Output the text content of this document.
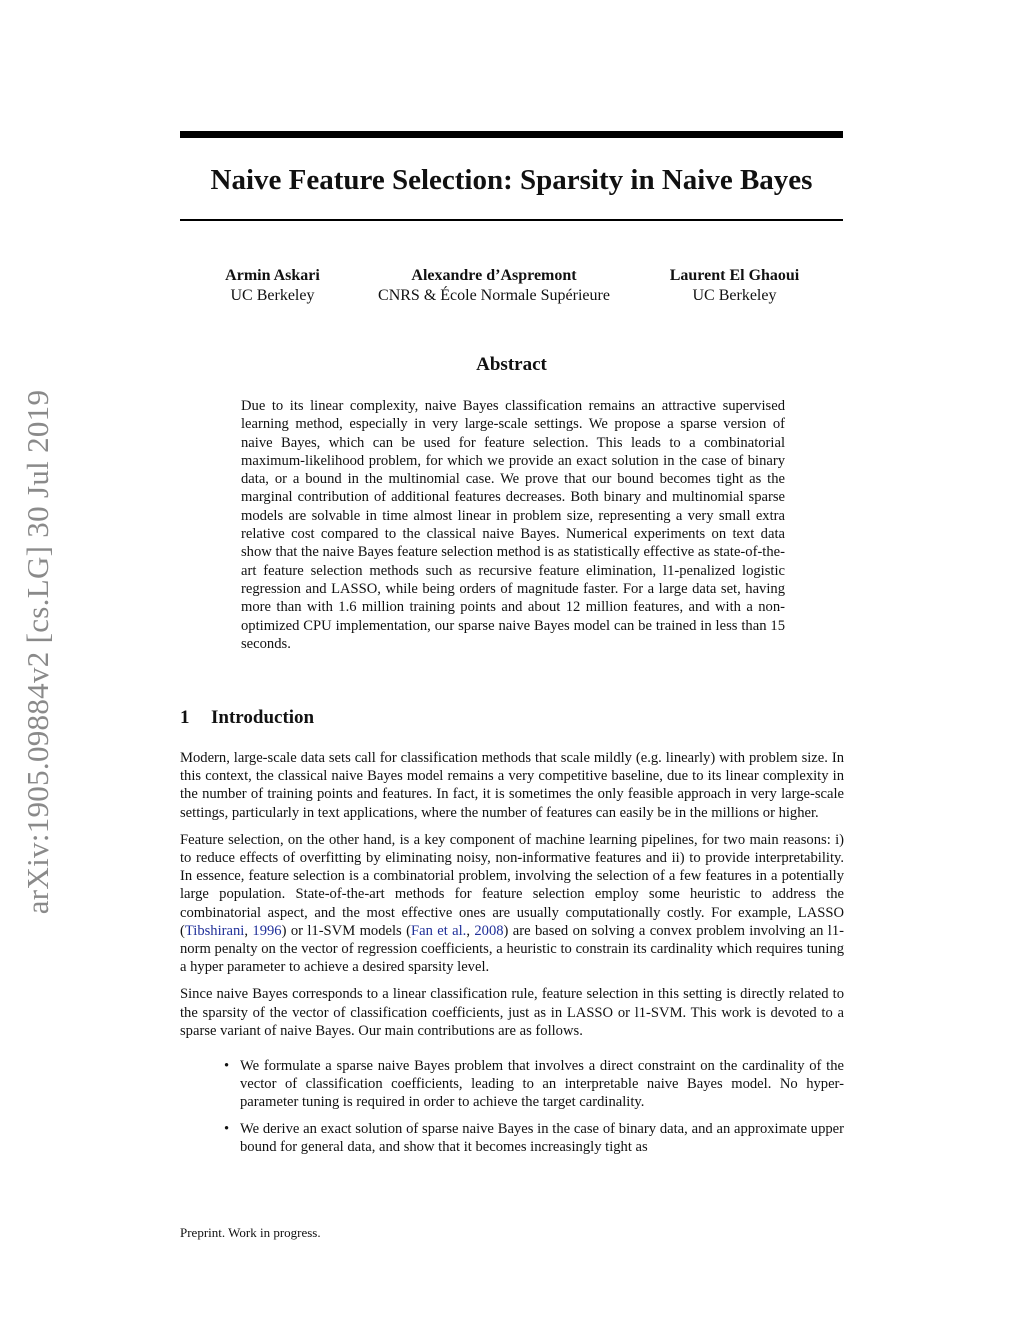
arXiv:1905.09884v2 [cs.LG] 30 Jul 2019
Naive Feature Selection: Sparsity in Naive Bayes
Armin Askari
UC Berkeley
Alexandre d’Aspremont
CNRS & École Normale Supérieure
Laurent El Ghaoui
UC Berkeley
Abstract

Due to its linear complexity, naive Bayes classification remains an attractive supervised learning method, especially in very large-scale settings. We propose a sparse version of naive Bayes, which can be used for feature selection. This leads to a combinatorial maximum-likelihood problem, for which we provide an exact solution in the case of binary data, or a bound in the multinomial case. We prove that our bound becomes tight as the marginal contribution of additional features decreases. Both binary and multinomial sparse models are solvable in time almost linear in problem size, representing a very small extra relative cost compared to the classical naive Bayes. Numerical experiments on text data show that the naive Bayes feature selection method is as statistically effective as state-of-the-art feature selection methods such as recursive feature elimination, l1-penalized logistic regression and LASSO, while being orders of magnitude faster. For a large data set, having more than with 1.6 million training points and about 12 million features, and with a non-optimized CPU implementation, our sparse naive Bayes model can be trained in less than 15 seconds.

1 Introduction

Modern, large-scale data sets call for classification methods that scale mildly (e.g. linearly) with problem size. In this context, the classical naive Bayes model remains a very competitive baseline, due to its linear complexity in the number of training points and features. In fact, it is sometimes the only feasible approach in very large-scale settings, particularly in text applications, where the number of features can easily be in the millions or higher.

Feature selection, on the other hand, is a key component of machine learning pipelines, for two main reasons: i) to reduce effects of overfitting by eliminating noisy, non-informative features and ii) to provide interpretability. In essence, feature selection is a combinatorial problem, involving the selection of a few features in a potentially large population. State-of-the-art methods for feature selection employ some heuristic to address the combinatorial aspect, and the most effective ones are usually computationally costly. For example, LASSO (Tibshirani, 1996) or l1-SVM models (Fan et al., 2008) are based on solving a convex problem involving an l1-norm penalty on the vector of regression coefficients, a heuristic to constrain its cardinality which requires tuning a hyper parameter to achieve a desired sparsity level.

Since naive Bayes corresponds to a linear classification rule, feature selection in this setting is directly related to the sparsity of the vector of classification coefficients, just as in LASSO or l1-SVM. This work is devoted to a sparse variant of naive Bayes. Our main contributions are as follows.

• We formulate a sparse naive Bayes problem that involves a direct constraint on the cardinality of the vector of classification coefficients, leading to an interpretable naive Bayes model. No hyper-parameter tuning is required in order to achieve the target cardinality.
• We derive an exact solution of sparse naive Bayes in the case of binary data, and an approximate upper bound for general data, and show that it becomes increasingly tight as
Preprint. Work in progress.
